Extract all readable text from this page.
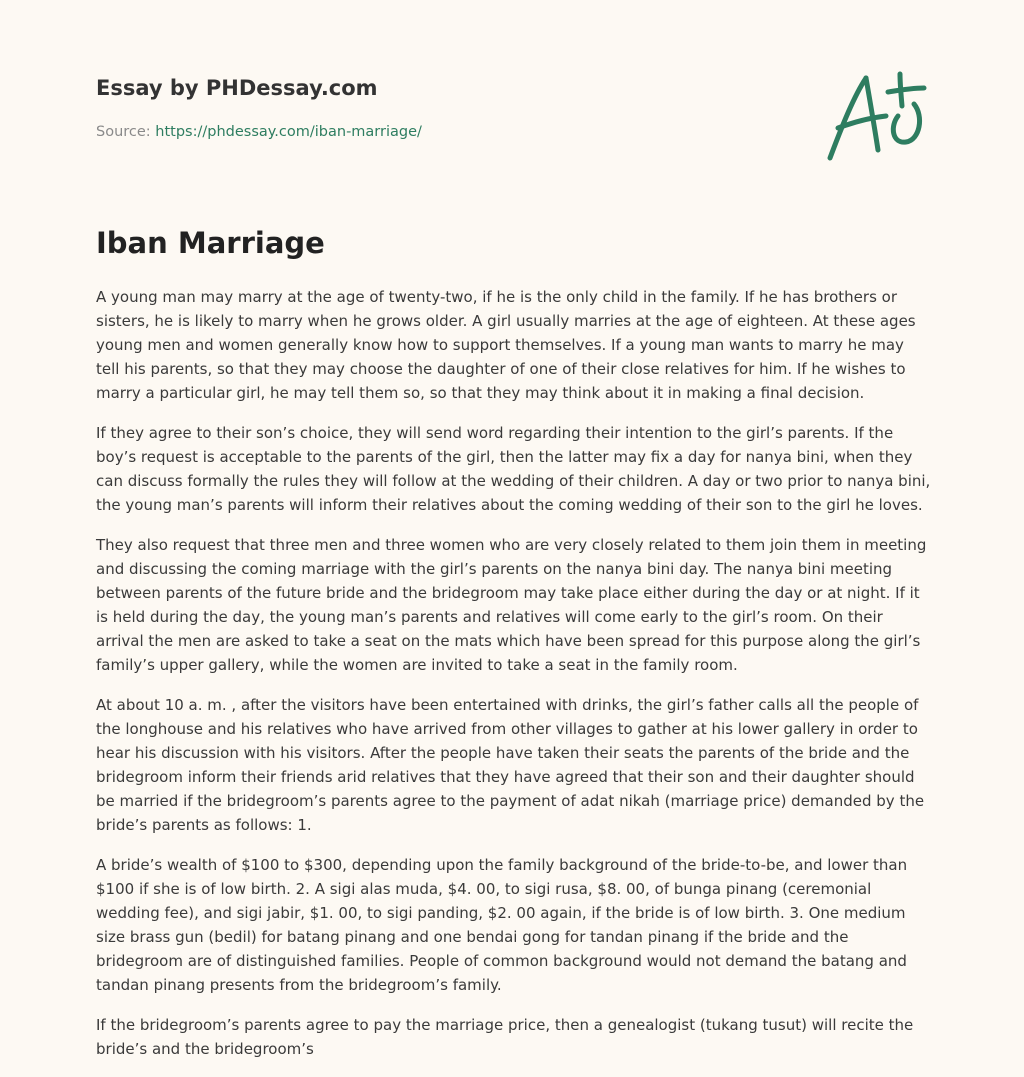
Essay by PHDessay.com
Source: https://phdessay.com/iban-marriage/
Iban Marriage

A young man may marry at the age of twenty-two, if he is the only child in the family. If he has brothers or sisters, he is likely to marry when he grows older. A girl usually marries at the age of eighteen. At these ages young men and women generally know how to support themselves. If a young man wants to marry he may tell his parents, so that they may choose the daughter of one of their close relatives for him. If he wishes to marry a particular girl, he may tell them so, so that they may think about it in making a final decision.

If they agree to their son’s choice, they will send word regarding their intention to the girl’s parents. If the boy’s request is acceptable to the parents of the girl, then the latter may fix a day for nanya bini, when they can discuss formally the rules they will follow at the wedding of their children. A day or two prior to nanya bini, the young man’s parents will inform their relatives about the coming wedding of their son to the girl he loves.

They also request that three men and three women who are very closely related to them join them in meeting and discussing the coming marriage with the girl’s parents on the nanya bini day. The nanya bini meeting between parents of the future bride and the bridegroom may take place either during the day or at night. If it is held during the day, the young man’s parents and relatives will come early to the girl’s room. On their arrival the men are asked to take a seat on the mats which have been spread for this purpose along the girl’s family’s upper gallery, while the women are invited to take a seat in the family room.

At about 10 a. m. , after the visitors have been entertained with drinks, the girl’s father calls all the people of the longhouse and his relatives who have arrived from other villages to gather at his lower gallery in order to hear his discussion with his visitors. After the people have taken their seats the parents of the bride and the bridegroom inform their friends arid relatives that they have agreed that their son and their daughter should be married if the bridegroom’s parents agree to the payment of adat nikah (marriage price) demanded by the bride’s parents as follows: 1.

A bride’s wealth of $100 to $300, depending upon the family background of the bride-to-be, and lower than $100 if she is of low birth. 2. A sigi alas muda, $4. 00, to sigi rusa, $8. 00, of bunga pinang (ceremonial wedding fee), and sigi jabir, $1. 00, to sigi panding, $2. 00 again, if the bride is of low birth. 3. One medium size brass gun (bedil) for batang pinang and one bendai gong for tandan pinang if the bride and the bridegroom are of distinguished families. People of common background would not demand the batang and tandan pinang presents from the bridegroom’s family.

If the bridegroom’s parents agree to pay the marriage price, then a genealogist (tukang tusut) will recite the bride’s and the bridegroom’s
